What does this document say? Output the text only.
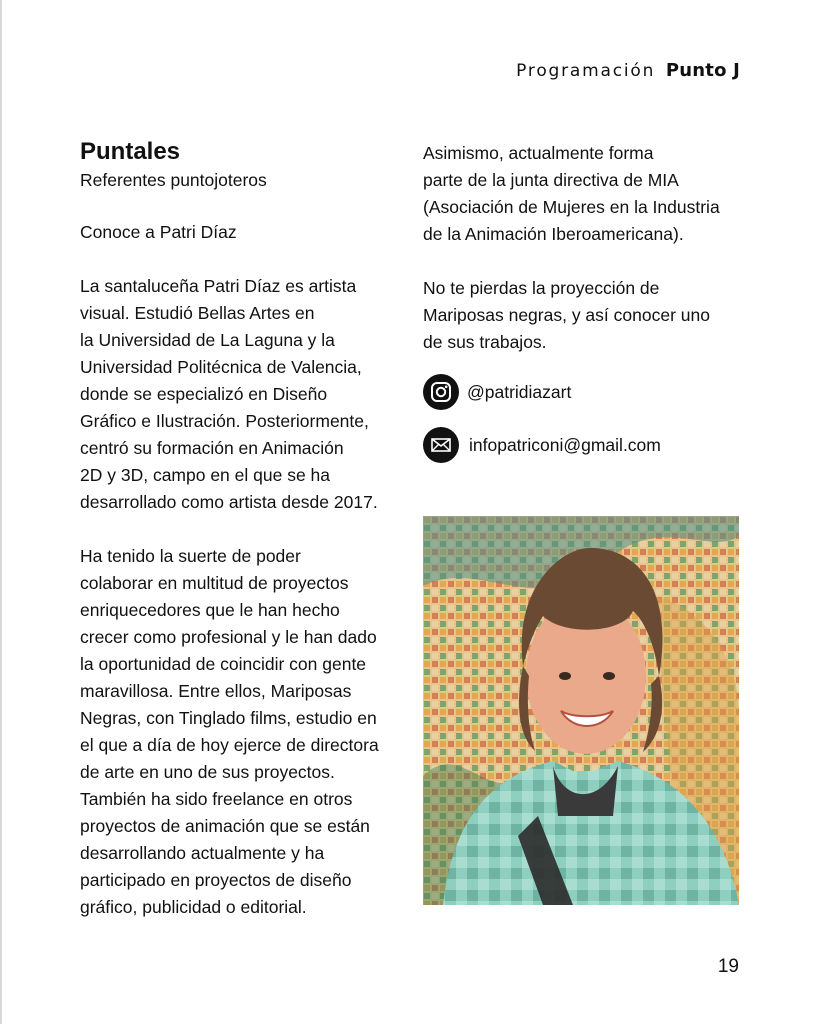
Programación Punto J
Puntales

Referentes puntojoteros

Conoce a Patri Díaz

La santaluceña Patri Díaz es artista
visual. Estudió Bellas Artes en
la Universidad de La Laguna y la
Universidad Politécnica de Valencia,
donde se especializó en Diseño
Gráfico e Ilustración. Posteriormente,
centró su formación en Animación
2D y 3D, campo en el que se ha
desarrollado como artista desde 2017.

Ha tenido la suerte de poder
colaborar en multitud de proyectos
enriquecedores que le han hecho
crecer como profesional y le han dado
la oportunidad de coincidir con gente
maravillosa. Entre ellos, Mariposas
Negras, con Tinglado films, estudio en
el que a día de hoy ejerce de directora
de arte en uno de sus proyectos.
También ha sido freelance en otros
proyectos de animación que se están
desarrollando actualmente y ha
participado en proyectos de diseño
gráfico, publicidad o editorial.

Asimismo, actualmente forma
parte de la junta directiva de MIA
(Asociación de Mujeres en la Industria
de la Animación Iberoamericana).

No te pierdas la proyección de
Mariposas negras, y así conocer uno
de sus trabajos.

@patridiazart
infopatriconi@gmail.com
19
